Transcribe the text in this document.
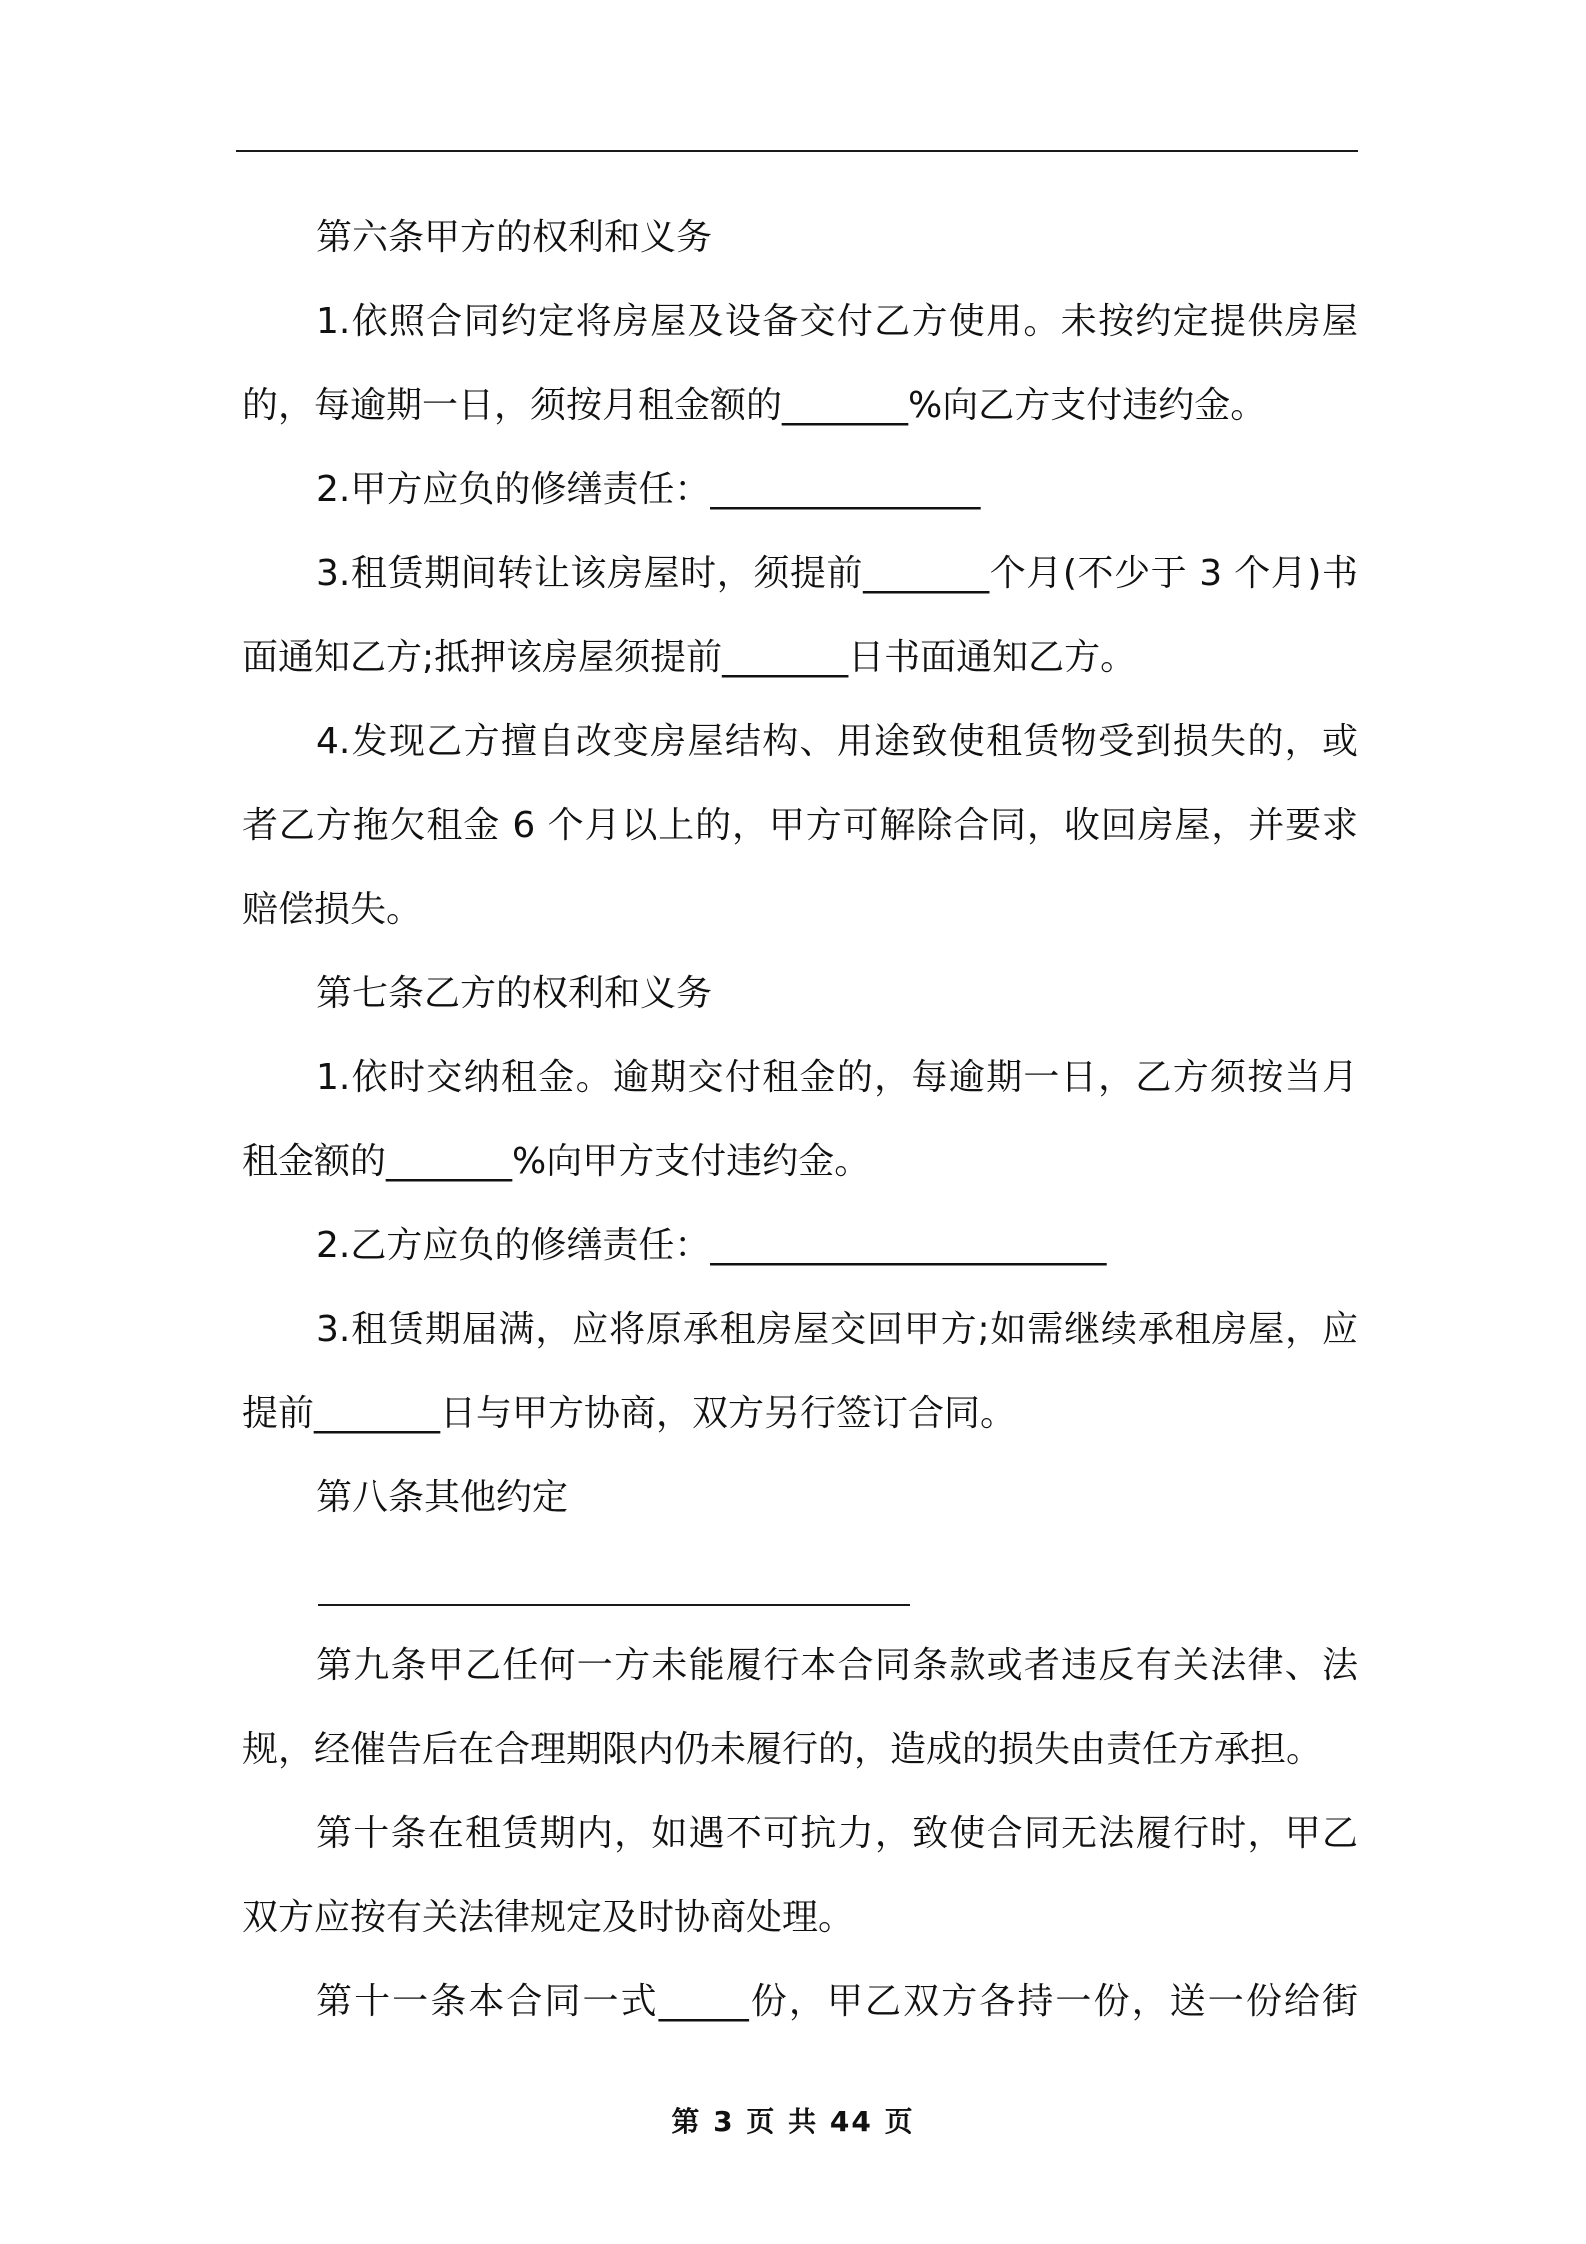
第六条甲方的权利和义务

1.依照合同约定将房屋及设备交付乙方使用。未按约定提供房屋的，每逾期一日，须按月租金额的_______%向乙方支付违约金。

2.甲方应负的修缮责任：_______________

3.租赁期间转让该房屋时，须提前_______个月(不少于 3 个月)书面通知乙方;抵押该房屋须提前_______日书面通知乙方。

4.发现乙方擅自改变房屋结构、用途致使租赁物受到损失的，或者乙方拖欠租金 6 个月以上的，甲方可解除合同，收回房屋，并要求赔偿损失。

第七条乙方的权利和义务

1.依时交纳租金。逾期交付租金的，每逾期一日，乙方须按当月租金额的_______%向甲方支付违约金。

2.乙方应负的修缮责任：______________________

3.租赁期届满，应将原承租房屋交回甲方;如需继续承租房屋，应提前_______日与甲方协商，双方另行签订合同。

第八条其他约定

第九条甲乙任何一方未能履行本合同条款或者违反有关法律、法规，经催告后在合理期限内仍未履行的，造成的损失由责任方承担。

第十条在租赁期内，如遇不可抗力，致使合同无法履行时，甲乙双方应按有关法律规定及时协商处理。

第十一条本合同一式_____份，甲乙双方各持一份，送一份给街

第 3 页 共 44 页
